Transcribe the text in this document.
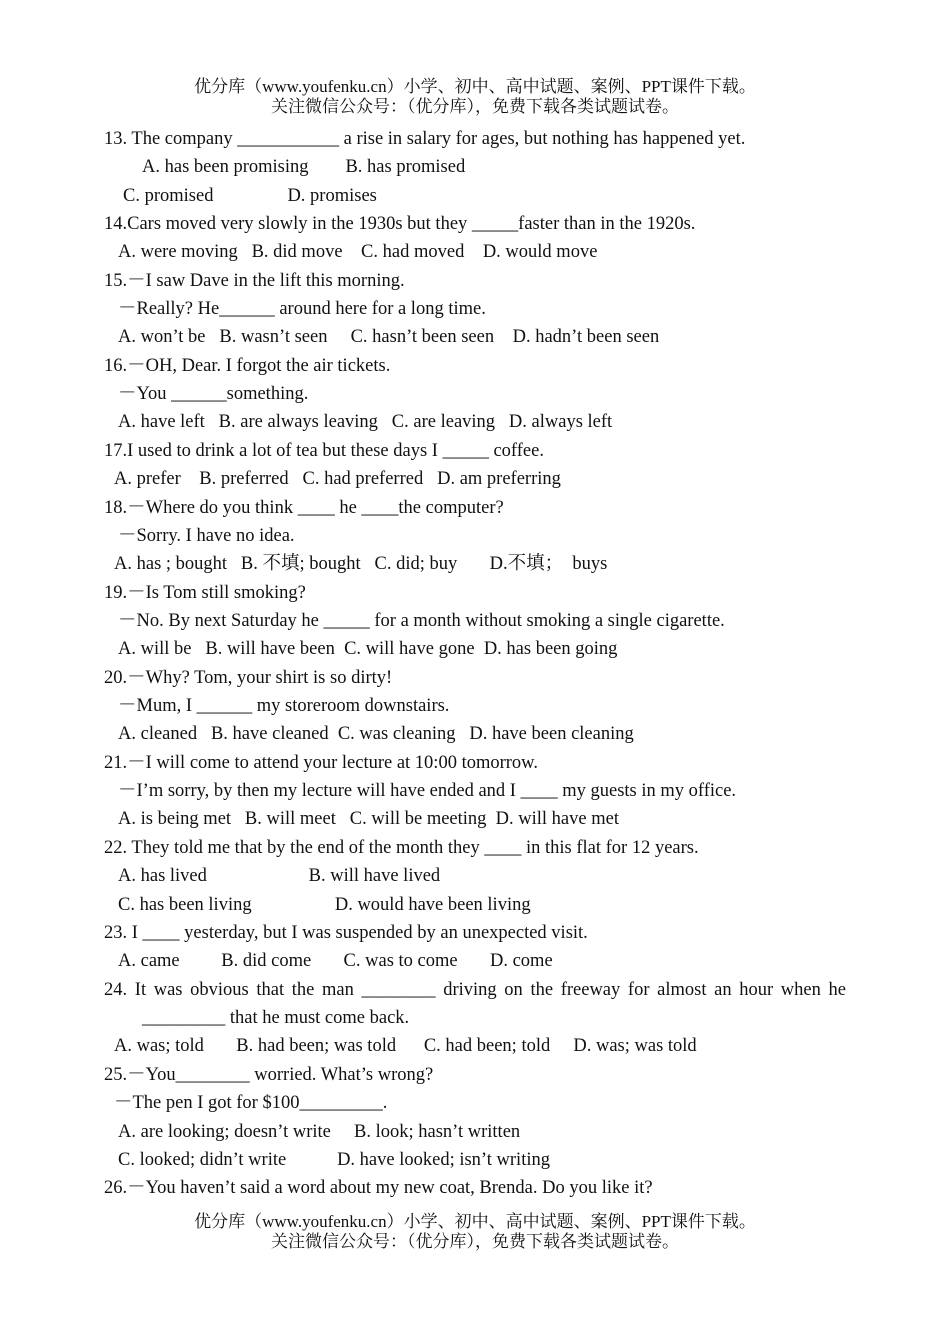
优分库（www.youfenku.cn）小学、初中、高中试题、案例、PPT课件下载。
关注微信公众号：（优分库），免费下载各类试题试卷。
13. The company ___________ a rise in salary for ages, but nothing has happened yet.
A. has been promising        B. has promised
C. promised                D. promises
14.Cars moved very slowly in the 1930s but they _____faster than in the 1920s.
A. were moving   B. did move    C. had moved    D. would move
15.－I saw Dave in the lift this morning.
－Really? He______ around here for a long time.
A. won’t be   B. wasn’t seen     C. hasn’t been seen    D. hadn’t been seen
16.－OH, Dear. I forgot the air tickets.
－You ______something.
A. have left   B. are always leaving   C. are leaving   D. always left
17.I used to drink a lot of tea but these days I _____ coffee.
A. prefer    B. preferred   C. had preferred   D. am preferring
18.－Where do you think ____ he ____the computer?
－Sorry. I have no idea.
A. has ; bought   B. 不填; bought   C. did; buy       D.不填；  buys
19.－Is Tom still smoking?
－No. By next Saturday he _____ for a month without smoking a single cigarette.
A. will be   B. will have been  C. will have gone  D. has been going
20.－Why? Tom, your shirt is so dirty!
－Mum, I ______ my storeroom downstairs.
A. cleaned   B. have cleaned  C. was cleaning   D. have been cleaning
21.－I will come to attend your lecture at 10:00 tomorrow.
－I’m sorry, by then my lecture will have ended and I ____ my guests in my office.
A. is being met   B. will meet   C. will be meeting  D. will have met
22. They told me that by the end of the month they ____ in this flat for 12 years.
A. has lived                      B. will have lived
C. has been living                  D. would have been living
23. I ____ yesterday, but I was suspended by an unexpected visit.
A. came         B. did come       C. was to come       D. come
24. It was obvious that the man ________ driving on the freeway for almost an hour when he
_________ that he must come back.
A. was; told       B. had been; was told      C. had been; told     D. was; was told
25.－You________ worried. What’s wrong?
－The pen I got for $100_________.
A. are looking; doesn’t write     B. look; hasn’t written
C. looked; didn’t write           D. have looked; isn’t writing
26.－You haven’t said a word about my new coat, Brenda. Do you like it?
优分库（www.youfenku.cn）小学、初中、高中试题、案例、PPT课件下载。
关注微信公众号：（优分库），免费下载各类试题试卷。
